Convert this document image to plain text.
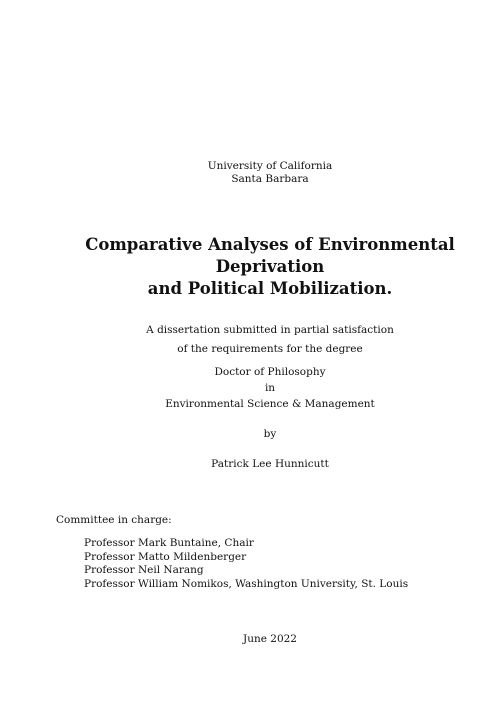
University of California
Santa Barbara
Comparative Analyses of Environmental Deprivation
and Political Mobilization.
A dissertation submitted in partial satisfaction
of the requirements for the degree
Doctor of Philosophy
in
Environmental Science & Management
by
Patrick Lee Hunnicutt
Committee in charge:
Professor Mark Buntaine, Chair
Professor Matto Mildenberger
Professor Neil Narang
Professor William Nomikos, Washington University, St. Louis
June 2022
